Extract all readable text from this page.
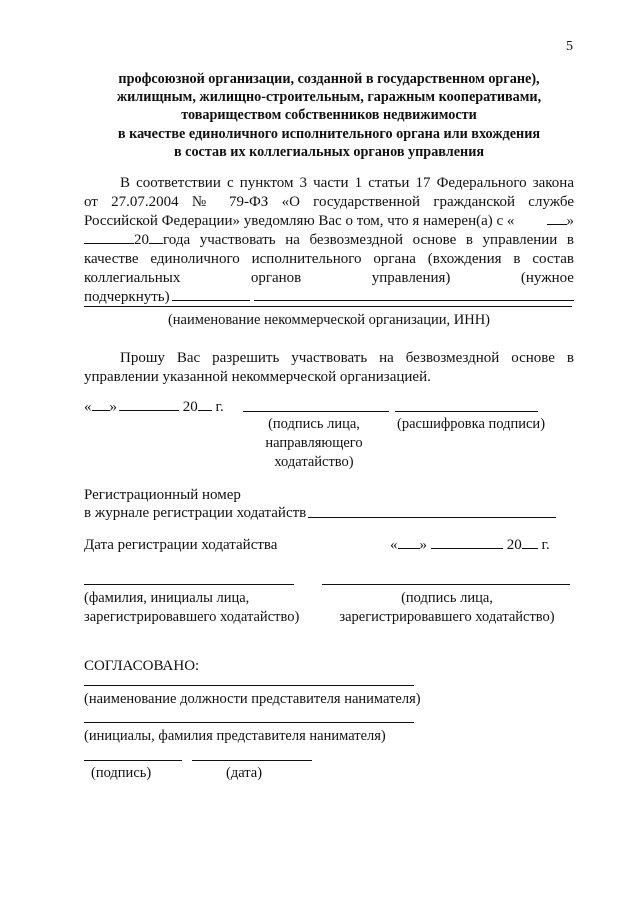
5
профсоюзной организации, созданной в государственном органе),
жилищным, жилищно-строительным, гаражным кооперативами,
товариществом собственников недвижимости
в качестве единоличного исполнительного органа или вхождения
в состав их коллегиальных органов управления
В соответствии с пунктом 3 части 1 статьи 17 Федерального закона
от 27.07.2004 № 79-ФЗ «О государственной гражданской службе
Российской Федерации» уведомляю Вас о том, что я намерен(а) с «	»
20 года участвовать на безвозмездной основе в управлении в
качестве единоличного исполнительного органа (вхождения в состав
коллегиальных	органов	управления)	(нужное
подчеркнуть)
(наименование некоммерческой организации, ИНН)
Прошу Вас разрешить участвовать на безвозмездной основе в
управлении указанной некоммерческой организацией.
« »	20 г.
(подпись лица,
направляющего
ходатайство)
(расшифровка подписи)
Регистрационный номер
в журнале регистрации ходатайств
Дата регистрации ходатайства	« »	20 г.
(фамилия, инициалы лица,
зарегистрировавшего ходатайство)
(подпись лица,
зарегистрировавшего ходатайство)
СОГЛАСОВАНО:
(наименование должности представителя нанимателя)
(инициалы, фамилия представителя нанимателя)
(подпись)	(дата)
